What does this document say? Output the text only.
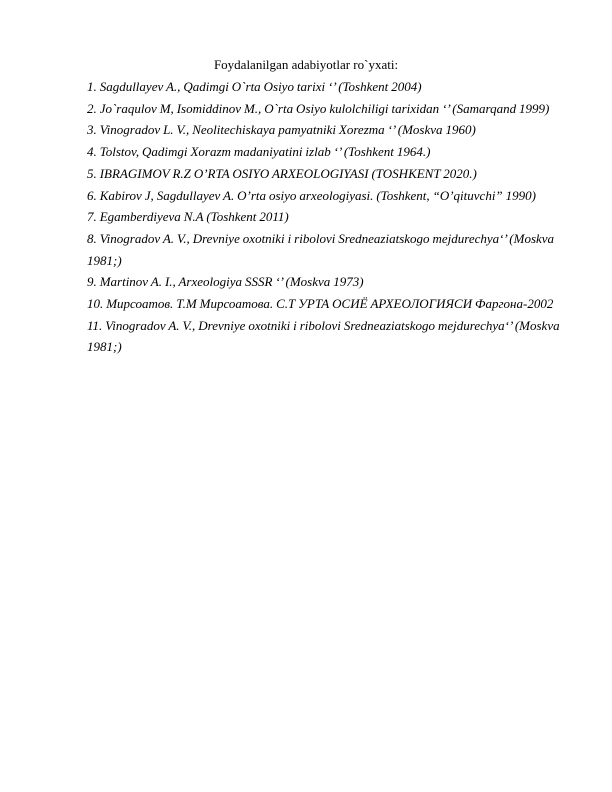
Foydalanilgan adabiyotlar ro`yxati:
1. Sagdullayev A., Qadimgi O`rta Osiyo tarixi ‘’ (Toshkent 2004)
2. Jo`raqulov M, Isomiddinov M., O`rta Osiyo kulolchiligi tarixidan ‘’ (Samarqand 1999)
3. Vinogradov L. V., Neolitechiskaya pamyatniki Xorezma ‘’ (Moskva 1960)
4. Tolstov, Qadimgi Xorazm madaniyatini izlab ‘’ (Toshkent 1964.)
5. IBRAGIMOV R.Z O’RTA OSIYO ARXEOLOGIYASI (TOSHKENT 2020.)
6. Kabirov J, Sagdullayev A. O’rta osiyo arxeologiyasi. (Toshkent, “O’qituvchi” 1990)
7. Egamberdiyeva N.A (Toshkent 2011)
8. Vinogradov A. V., Drevniye oxotniki i ribolovi Sredneaziatskogo mejdurechya‘’ (Moskva 1981;)
9. Martinov A. I., Arxeologiya SSSR ‘’ (Moskva 1973)
10. Мирсоатов. Т.М Мирсоатова. С.Т УРТА ОСИЁ АРХЕОЛОГИЯСИ Фаргона-2002
11. Vinogradov A. V., Drevniye oxotniki i ribolovi Sredneaziatskogo mejdurechya‘’ (Moskva 1981;)
